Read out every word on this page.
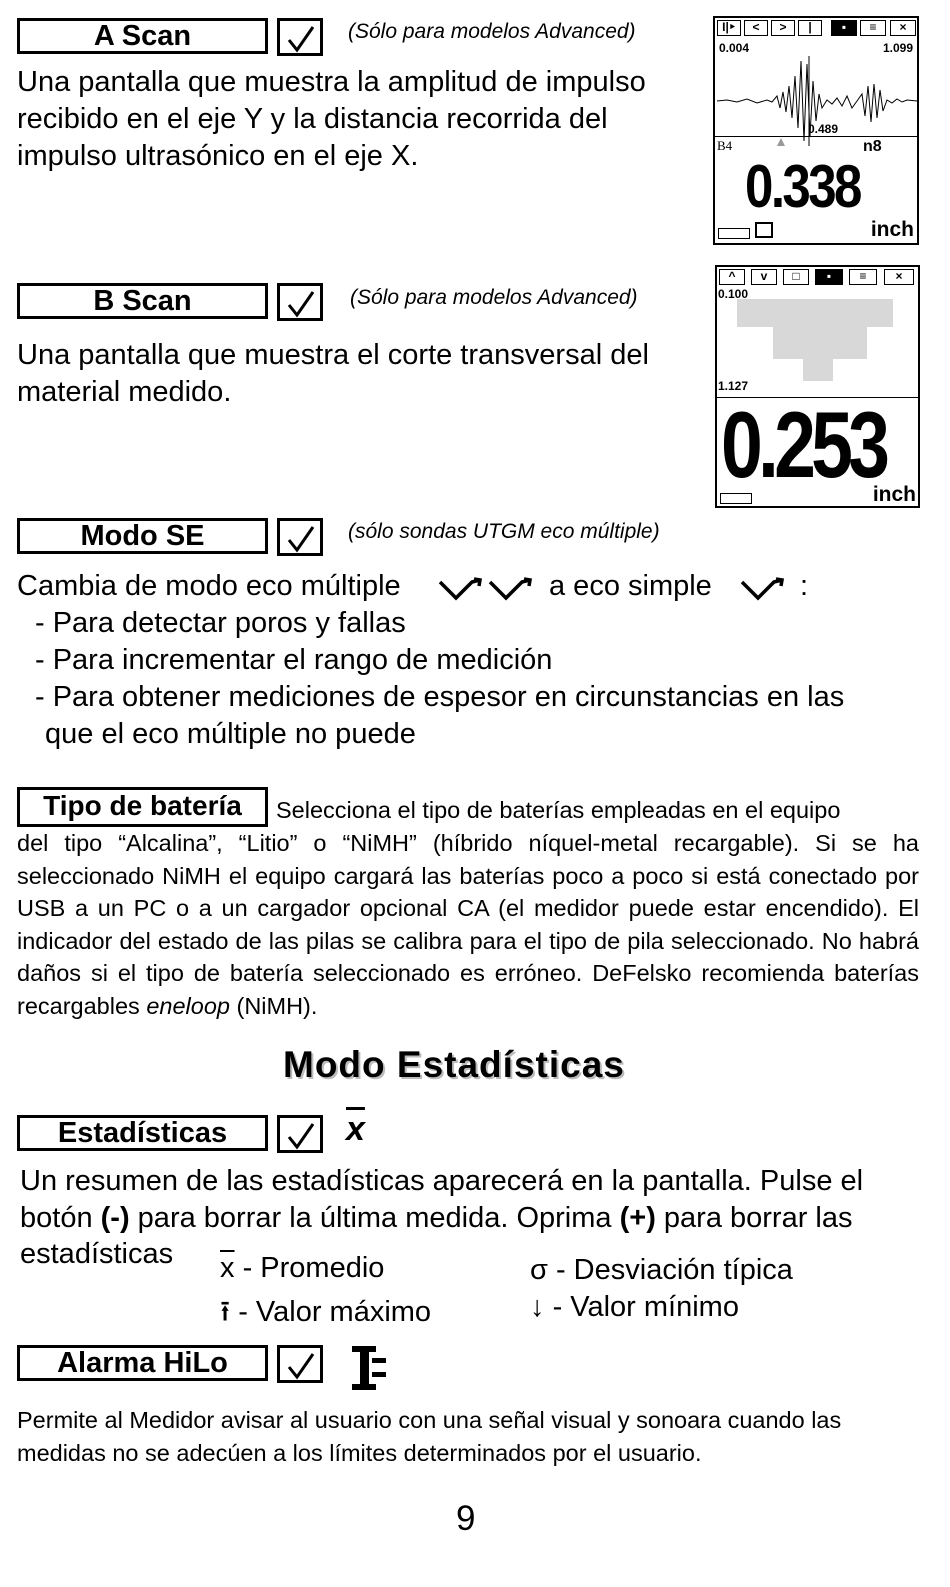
A Scan	(Sólo para modelos Advanced)
Una pantalla que muestra la amplitud de impulso recibido en el eje Y y la distancia recorrida del impulso ultrasónico en el eje X.
I|‣	<	>	|	▪	≡	×
0.004	1.099
0.489
B4	n8
0.338
inch
B Scan	(Sólo para modelos Advanced)
Una pantalla que muestra el corte transversal del material medido.
^	v	□	▪	≡	×
0.100
1.127
0.253
inch
Modo SE	(sólo sondas UTGM eco múltiple)
Cambia de modo eco múltiple	a eco simple	:
- Para detectar poros y fallas
- Para incrementar el rango de medición
- Para obtener mediciones de espesor en circunstancias en las
que el eco múltiple no puede
Tipo de batería	Selecciona el tipo de baterías empleadas en el equipo
del tipo “Alcalina”, “Litio” o “NiMH” (híbrido níquel-metal recargable). Si se ha seleccionado NiMH el equipo cargará las baterías poco a poco si está conectado por USB a un PC o a un cargador opcional CA (el medidor puede estar encendido). El indicador del estado de las pilas se calibra para el tipo de pila seleccionado. No habrá daños si el tipo de batería seleccionado es erróneo. DeFelsko recomienda baterías recargables eneloop (NiMH).
Modo Estadísticas
Estadísticas	$\overline{x}$
Un resumen de las estadísticas aparecerá en la pantalla. Pulse el botón (-) para borrar la última medida. Oprima (+) para borrar las
estadísticas $\overline{x}$ - Promedio	σ - Desviación típica
⭱ - Valor máximo	↓ - Valor mínimo
Alarma HiLo
Permite al Medidor avisar al usuario con una señal visual y sonoara cuando las medidas no se adecúen a los límites determinados por el usuario.
9
